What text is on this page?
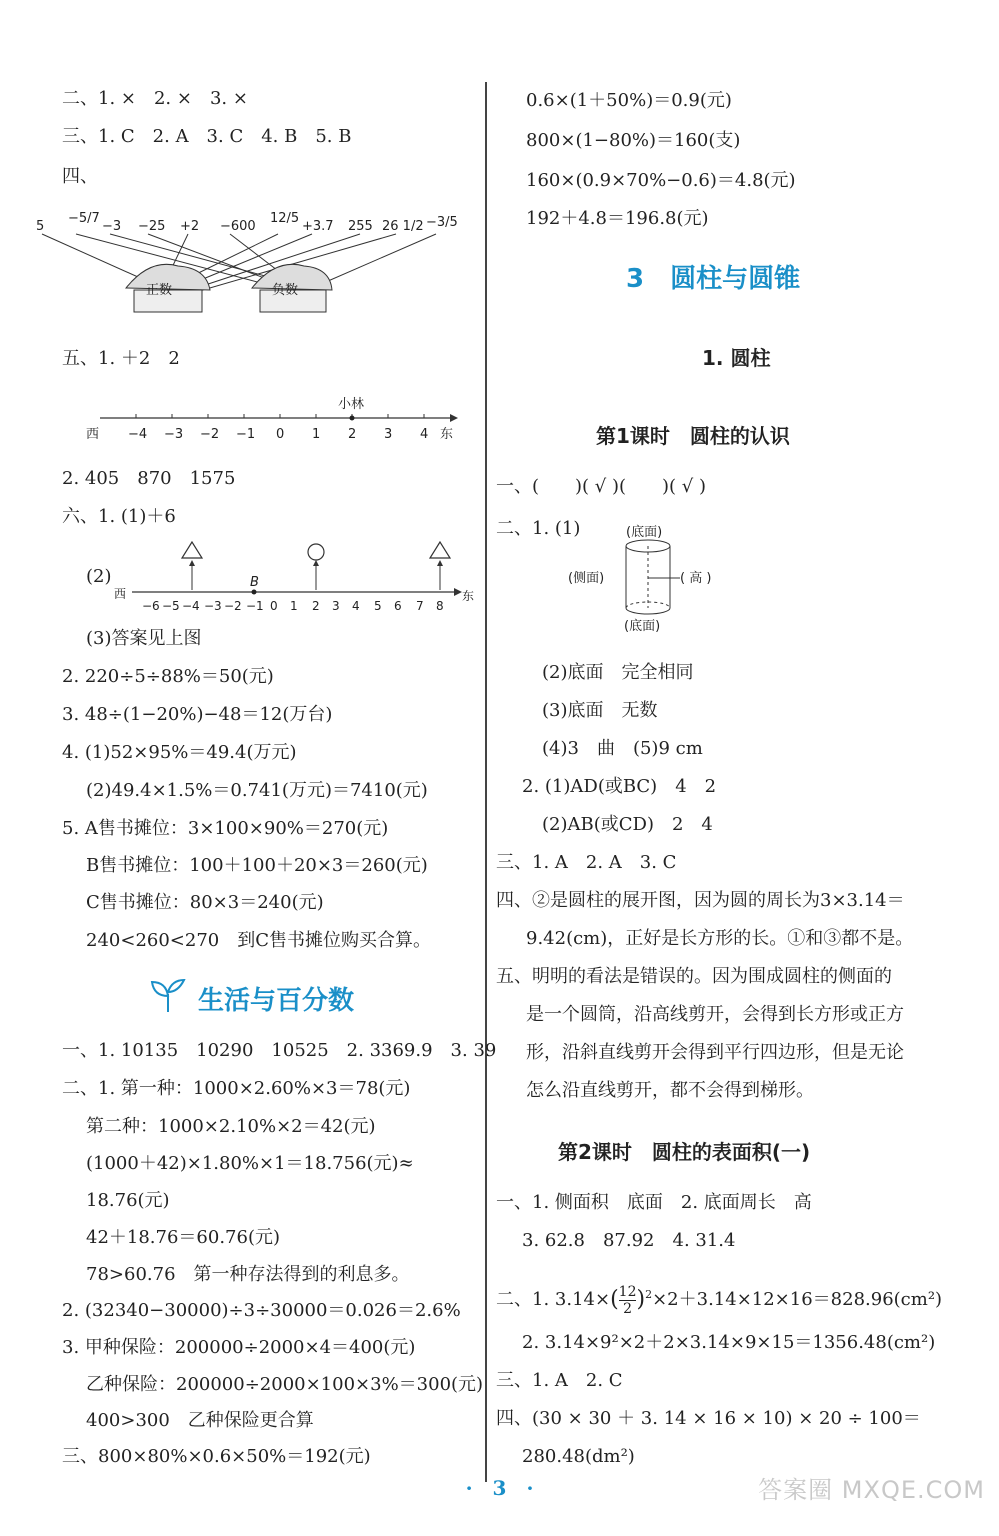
二、1. ×　2. ×　3. ×
三、1. C　2. A　3. C　4. B　5. B
四、
5
−5/7
−3 −25 +2 −600
12/5
+3.7 255 26 1/2 −3/5
正数	负数
五、1. ＋2　2
小林
西	东
−4 −3 −2 −1 0 1 2 3 4
2. 405　870　1575
六、1. (1)＋6
(2)	B
西	东
−6 −5 −4 −3 −2 −1 0 1 2 3 4 5 6 7 8
(3)答案见上图
2. 220÷5÷88%＝50(元)
3. 48÷(1−20%)−48＝12(万台)
4. (1)52×95%＝49.4(万元)
(2)49.4×1.5%＝0.741(万元)＝7410(元)
5. A售书摊位：3×100×90%＝270(元)
B售书摊位：100＋100＋20×3＝260(元)
C售书摊位：80×3＝240(元)
240<260<270　到C售书摊位购买合算。
生活与百分数
一、1. 10135　10290　10525　2. 3369.9　3. 39
二、1. 第一种：1000×2.60%×3＝78(元)
第二种：1000×2.10%×2＝42(元)
(1000＋42)×1.80%×1＝18.756(元)≈
18.76(元)
42＋18.76＝60.76(元)
78>60.76　第一种存法得到的利息多。
2. (32340−30000)÷3÷30000＝0.026＝2.6%
3. 甲种保险：200000÷2000×4＝400(元)
乙种保险：200000÷2000×100×3%＝300(元)
400>300　乙种保险更合算
三、800×80%×0.6×50%＝192(元)
0.6×(1＋50%)＝0.9(元)
800×(1−80%)＝160(支)
160×(0.9×70%−0.6)＝4.8(元)
192＋4.8＝196.8(元)
3　圆柱与圆锥
1. 圆柱
第1课时　圆柱的认识
一、(　　)( √ )(　　)( √ )
二、1. (1)	(底面)
(侧面)	( 高 )
(底面)
(2)底面　完全相同
(3)底面　无数
(4)3　曲　(5)9 cm
2. (1)AD(或BC)　4　2
(2)AB(或CD)　2　4
三、1. A　2. A　3. C
四、②是圆柱的展开图，因为圆的周长为3×3.14＝
9.42(cm)，正好是长方形的长。①和③都不是。
五、明明的看法是错误的。因为围成圆柱的侧面的
是一个圆筒，沿高线剪开，会得到长方形或正方
形，沿斜直线剪开会得到平行四边形，但是无论
怎么沿直线剪开，都不会得到梯形。
第2课时　圆柱的表面积(一)
一、1. 侧面积　底面　2. 底面周长　高
3. 62.8　87.92　4. 31.4
二、1. $3.14\times( \frac{12}{2} )^2\times 2+3.14\times 12\times 16=828.96(cm^2)$
2. 3.14×9²×2＋2×3.14×9×15＝1356.48(cm²)
三、1. A　2. C
四、(30 × 30 ＋ 3. 14 × 16 × 10) × 20 ÷ 100＝
280.48(dm²)
·　3　·	答案圈 MXQE.COM
